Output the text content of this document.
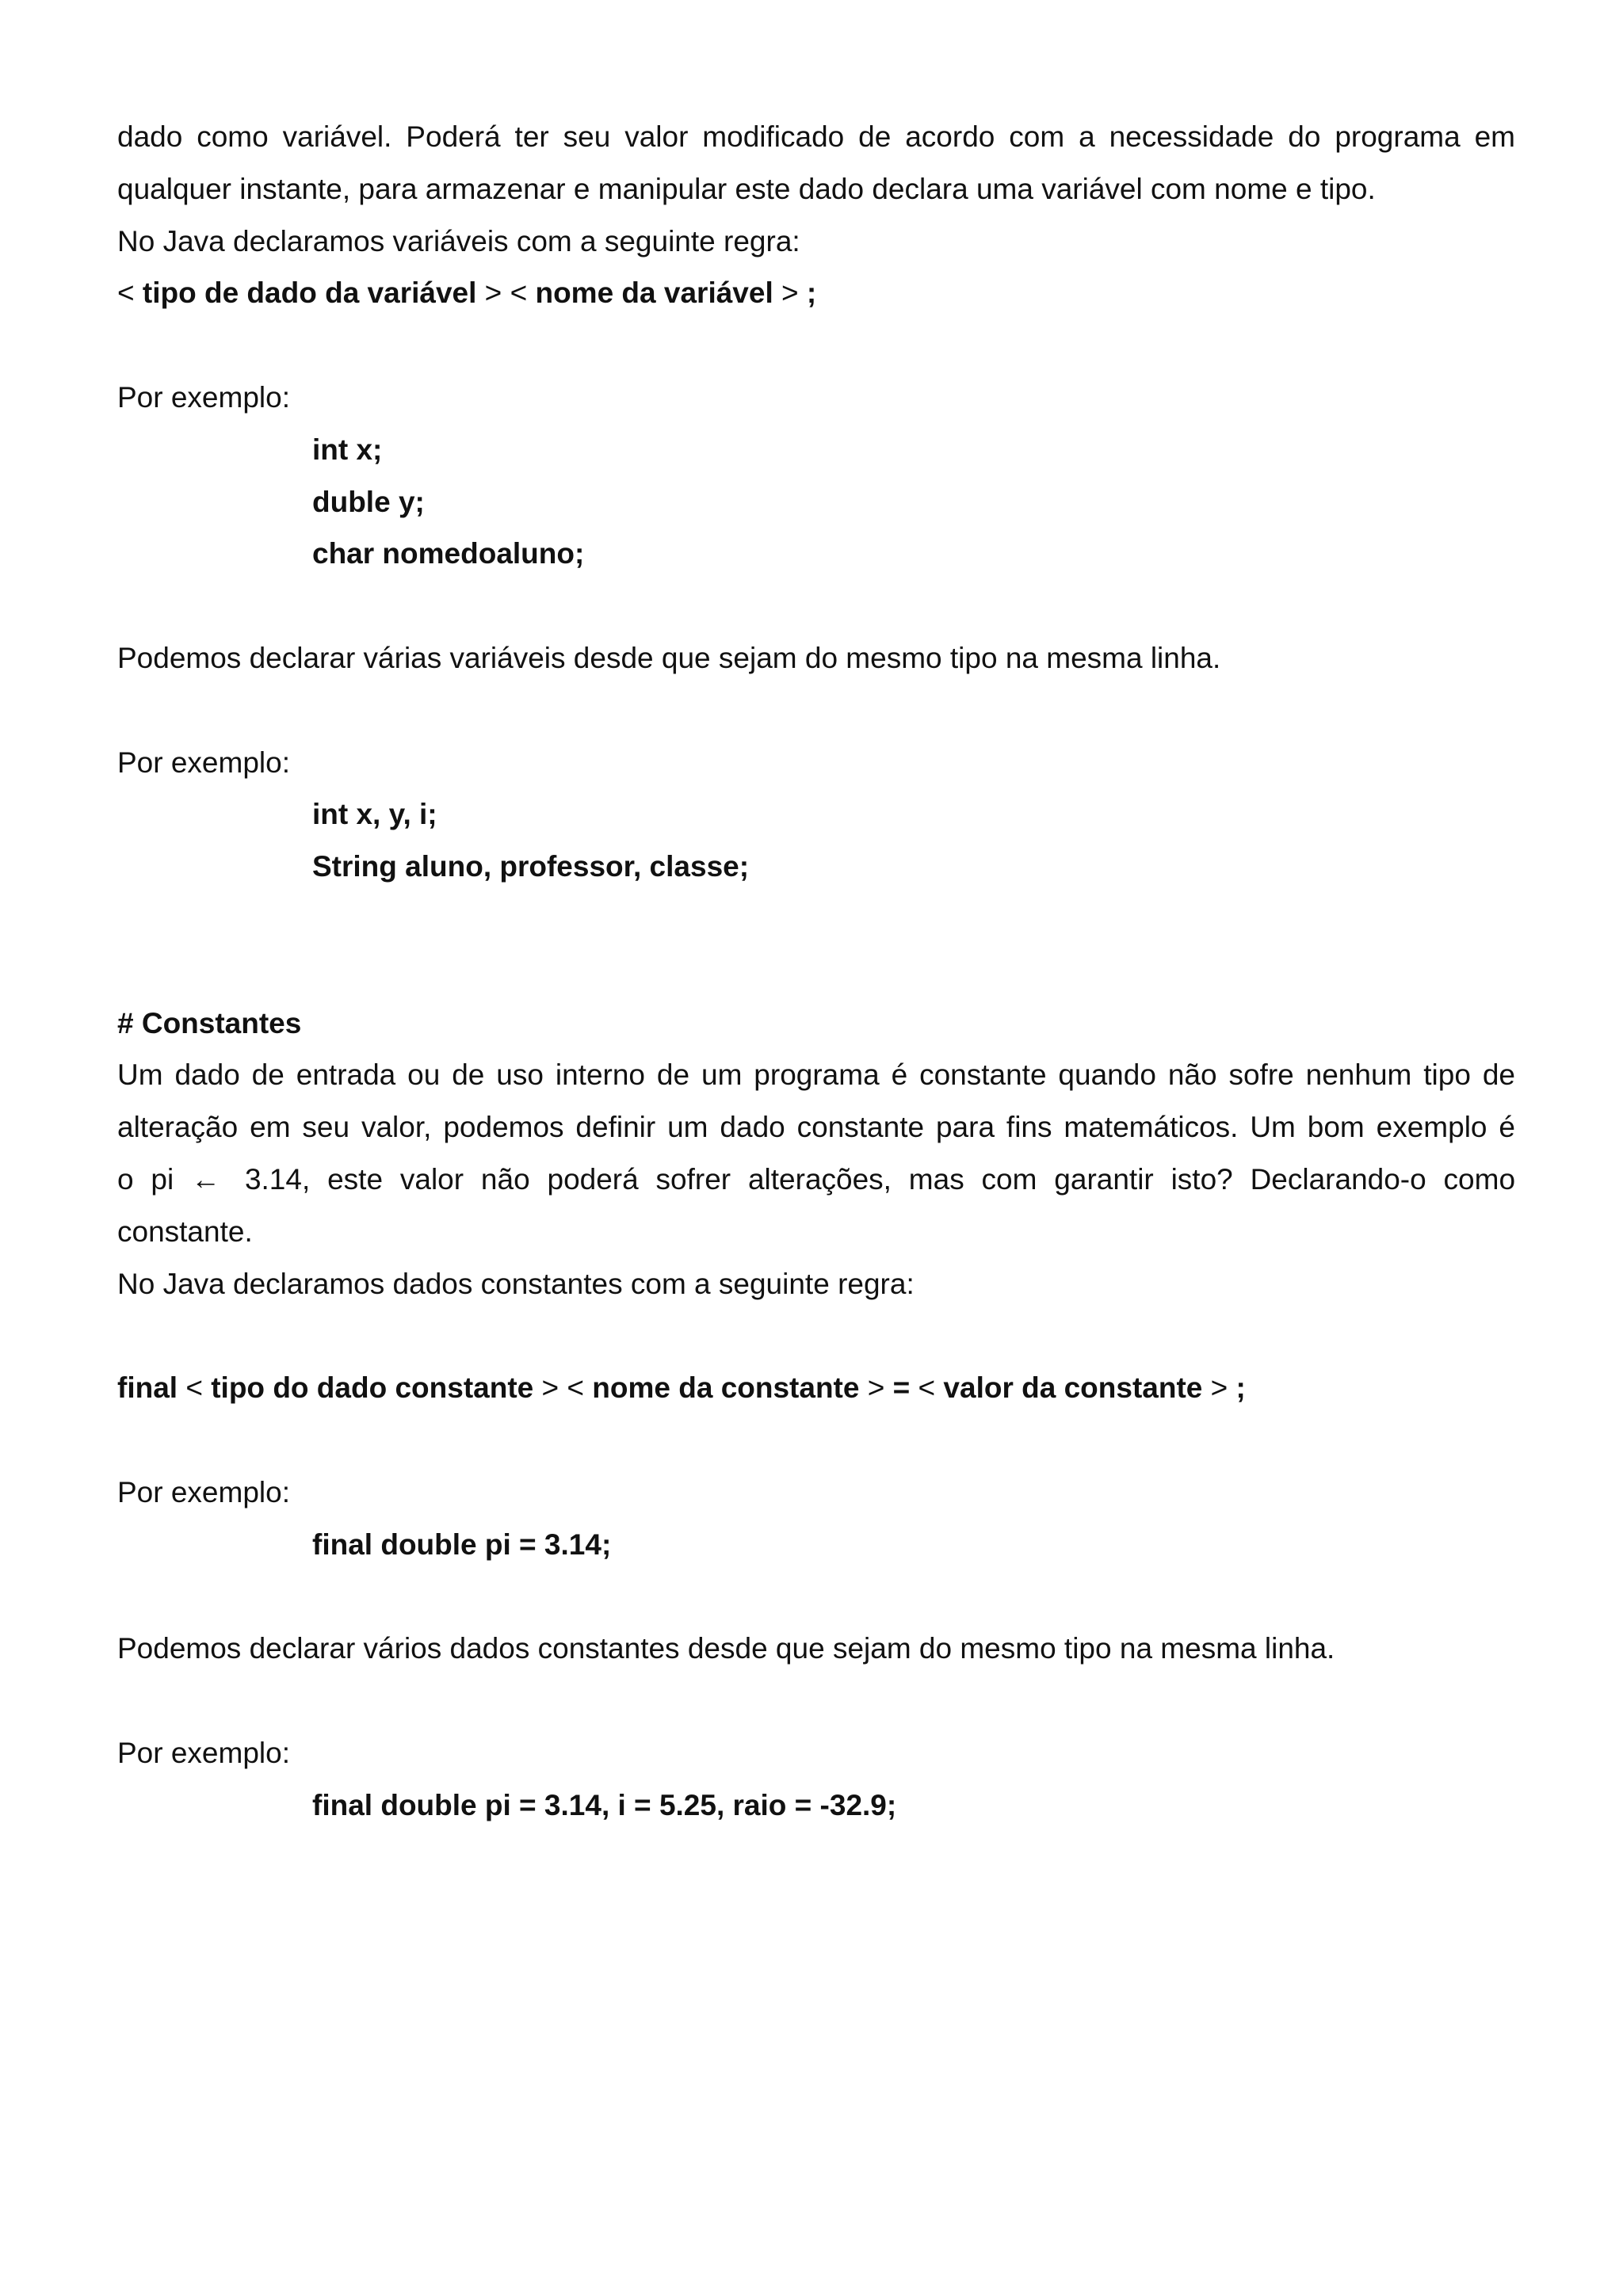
dado como variável. Poderá ter seu valor modificado de acordo com a necessidade do programa em

qualquer instante, para armazenar e manipular este dado declara uma variável com nome e tipo.

No Java declaramos variáveis com a seguinte regra:

< tipo de dado da variável > < nome da variável > ;

Por exemplo:

int x;

duble y;

char nomedoaluno;

Podemos declarar várias variáveis desde que sejam do mesmo tipo na mesma linha.

Por exemplo:

int x, y, i;

String aluno, professor, classe;

# Constantes

Um dado de entrada ou de uso interno de um programa é constante quando não sofre nenhum tipo de

alteração em seu valor, podemos definir um dado constante para fins matemáticos. Um bom exemplo é

o pi ← 3.14, este valor não poderá sofrer alterações, mas com garantir isto? Declarando-o como

constante.

No Java declaramos dados constantes com a seguinte regra:

final < tipo do dado constante > < nome da constante > = < valor da constante > ;

Por exemplo:

final double pi = 3.14;

Podemos declarar vários dados constantes desde que sejam do mesmo tipo na mesma linha.

Por exemplo:

final double pi = 3.14, i = 5.25, raio = -32.9;
